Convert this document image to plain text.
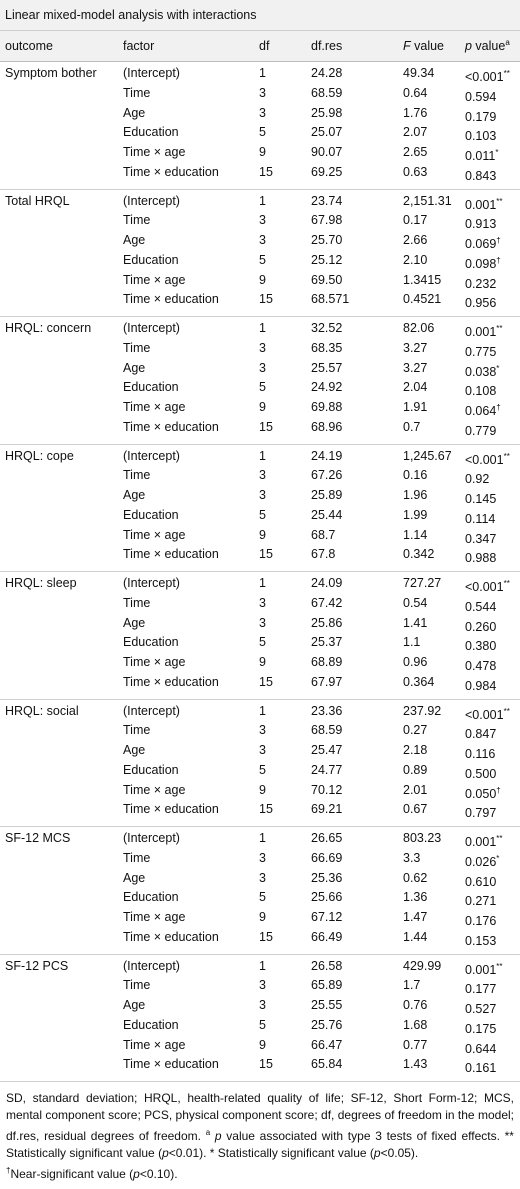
Linear mixed-model analysis with interactions
outcome	factor	df	df.res	F value	p value$^a$
Symptom bother	(Intercept)	1	24.28	49.34	<0.001**
	Time	3	68.59	0.64	0.594
	Age	3	25.98	1.76	0.179
	Education	5	25.07	2.07	0.103
	Time × age	9	90.07	2.65	0.011*
	Time × education	15	69.25	0.63	0.843
Total HRQL	(Intercept)	1	23.74	2,151.31	0.001**
	Time	3	67.98	0.17	0.913
	Age	3	25.70	2.66	0.069†
	Education	5	25.12	2.10	0.098†
	Time × age	9	69.50	1.3415	0.232
	Time × education	15	68.571	0.4521	0.956
HRQL: concern	(Intercept)	1	32.52	82.06	0.001**
	Time	3	68.35	3.27	0.775
	Age	3	25.57	3.27	0.038*
	Education	5	24.92	2.04	0.108
	Time × age	9	69.88	1.91	0.064†
	Time × education	15	68.96	0.7	0.779
HRQL: cope	(Intercept)	1	24.19	1,245.67	<0.001**
	Time	3	67.26	0.16	0.92
	Age	3	25.89	1.96	0.145
	Education	5	25.44	1.99	0.114
	Time × age	9	68.7	1.14	0.347
	Time × education	15	67.8	0.342	0.988
HRQL: sleep	(Intercept)	1	24.09	727.27	<0.001**
	Time	3	67.42	0.54	0.544
	Age	3	25.86	1.41	0.260
	Education	5	25.37	1.1	0.380
	Time × age	9	68.89	0.96	0.478
	Time × education	15	67.97	0.364	0.984
HRQL: social	(Intercept)	1	23.36	237.92	<0.001**
	Time	3	68.59	0.27	0.847
	Age	3	25.47	2.18	0.116
	Education	5	24.77	0.89	0.500
	Time × age	9	70.12	2.01	0.050†
	Time × education	15	69.21	0.67	0.797
SF-12 MCS	(Intercept)	1	26.65	803.23	0.001**
	Time	3	66.69	3.3	0.026*
	Age	3	25.36	0.62	0.610
	Education	5	25.66	1.36	0.271
	Time × age	9	67.12	1.47	0.176
	Time × education	15	66.49	1.44	0.153
SF-12 PCS	(Intercept)	1	26.58	429.99	0.001**
	Time	3	65.89	1.7	0.177
	Age	3	25.55	0.76	0.527
	Education	5	25.76	1.68	0.175
	Time × age	9	66.47	0.77	0.644
	Time × education	15	65.84	1.43	0.161
SD, standard deviation; HRQL, health-related quality of life; SF-12, Short Form-12; MCS, mental component score; PCS, physical component score; df, degrees of freedom in the model; df.res, residual degrees of freedom. $^a$ p value associated with type 3 tests of fixed effects. ** Statistically significant value (p<0.01). * Statistically significant value (p<0.05).
†Near-significant value (p<0.10).
